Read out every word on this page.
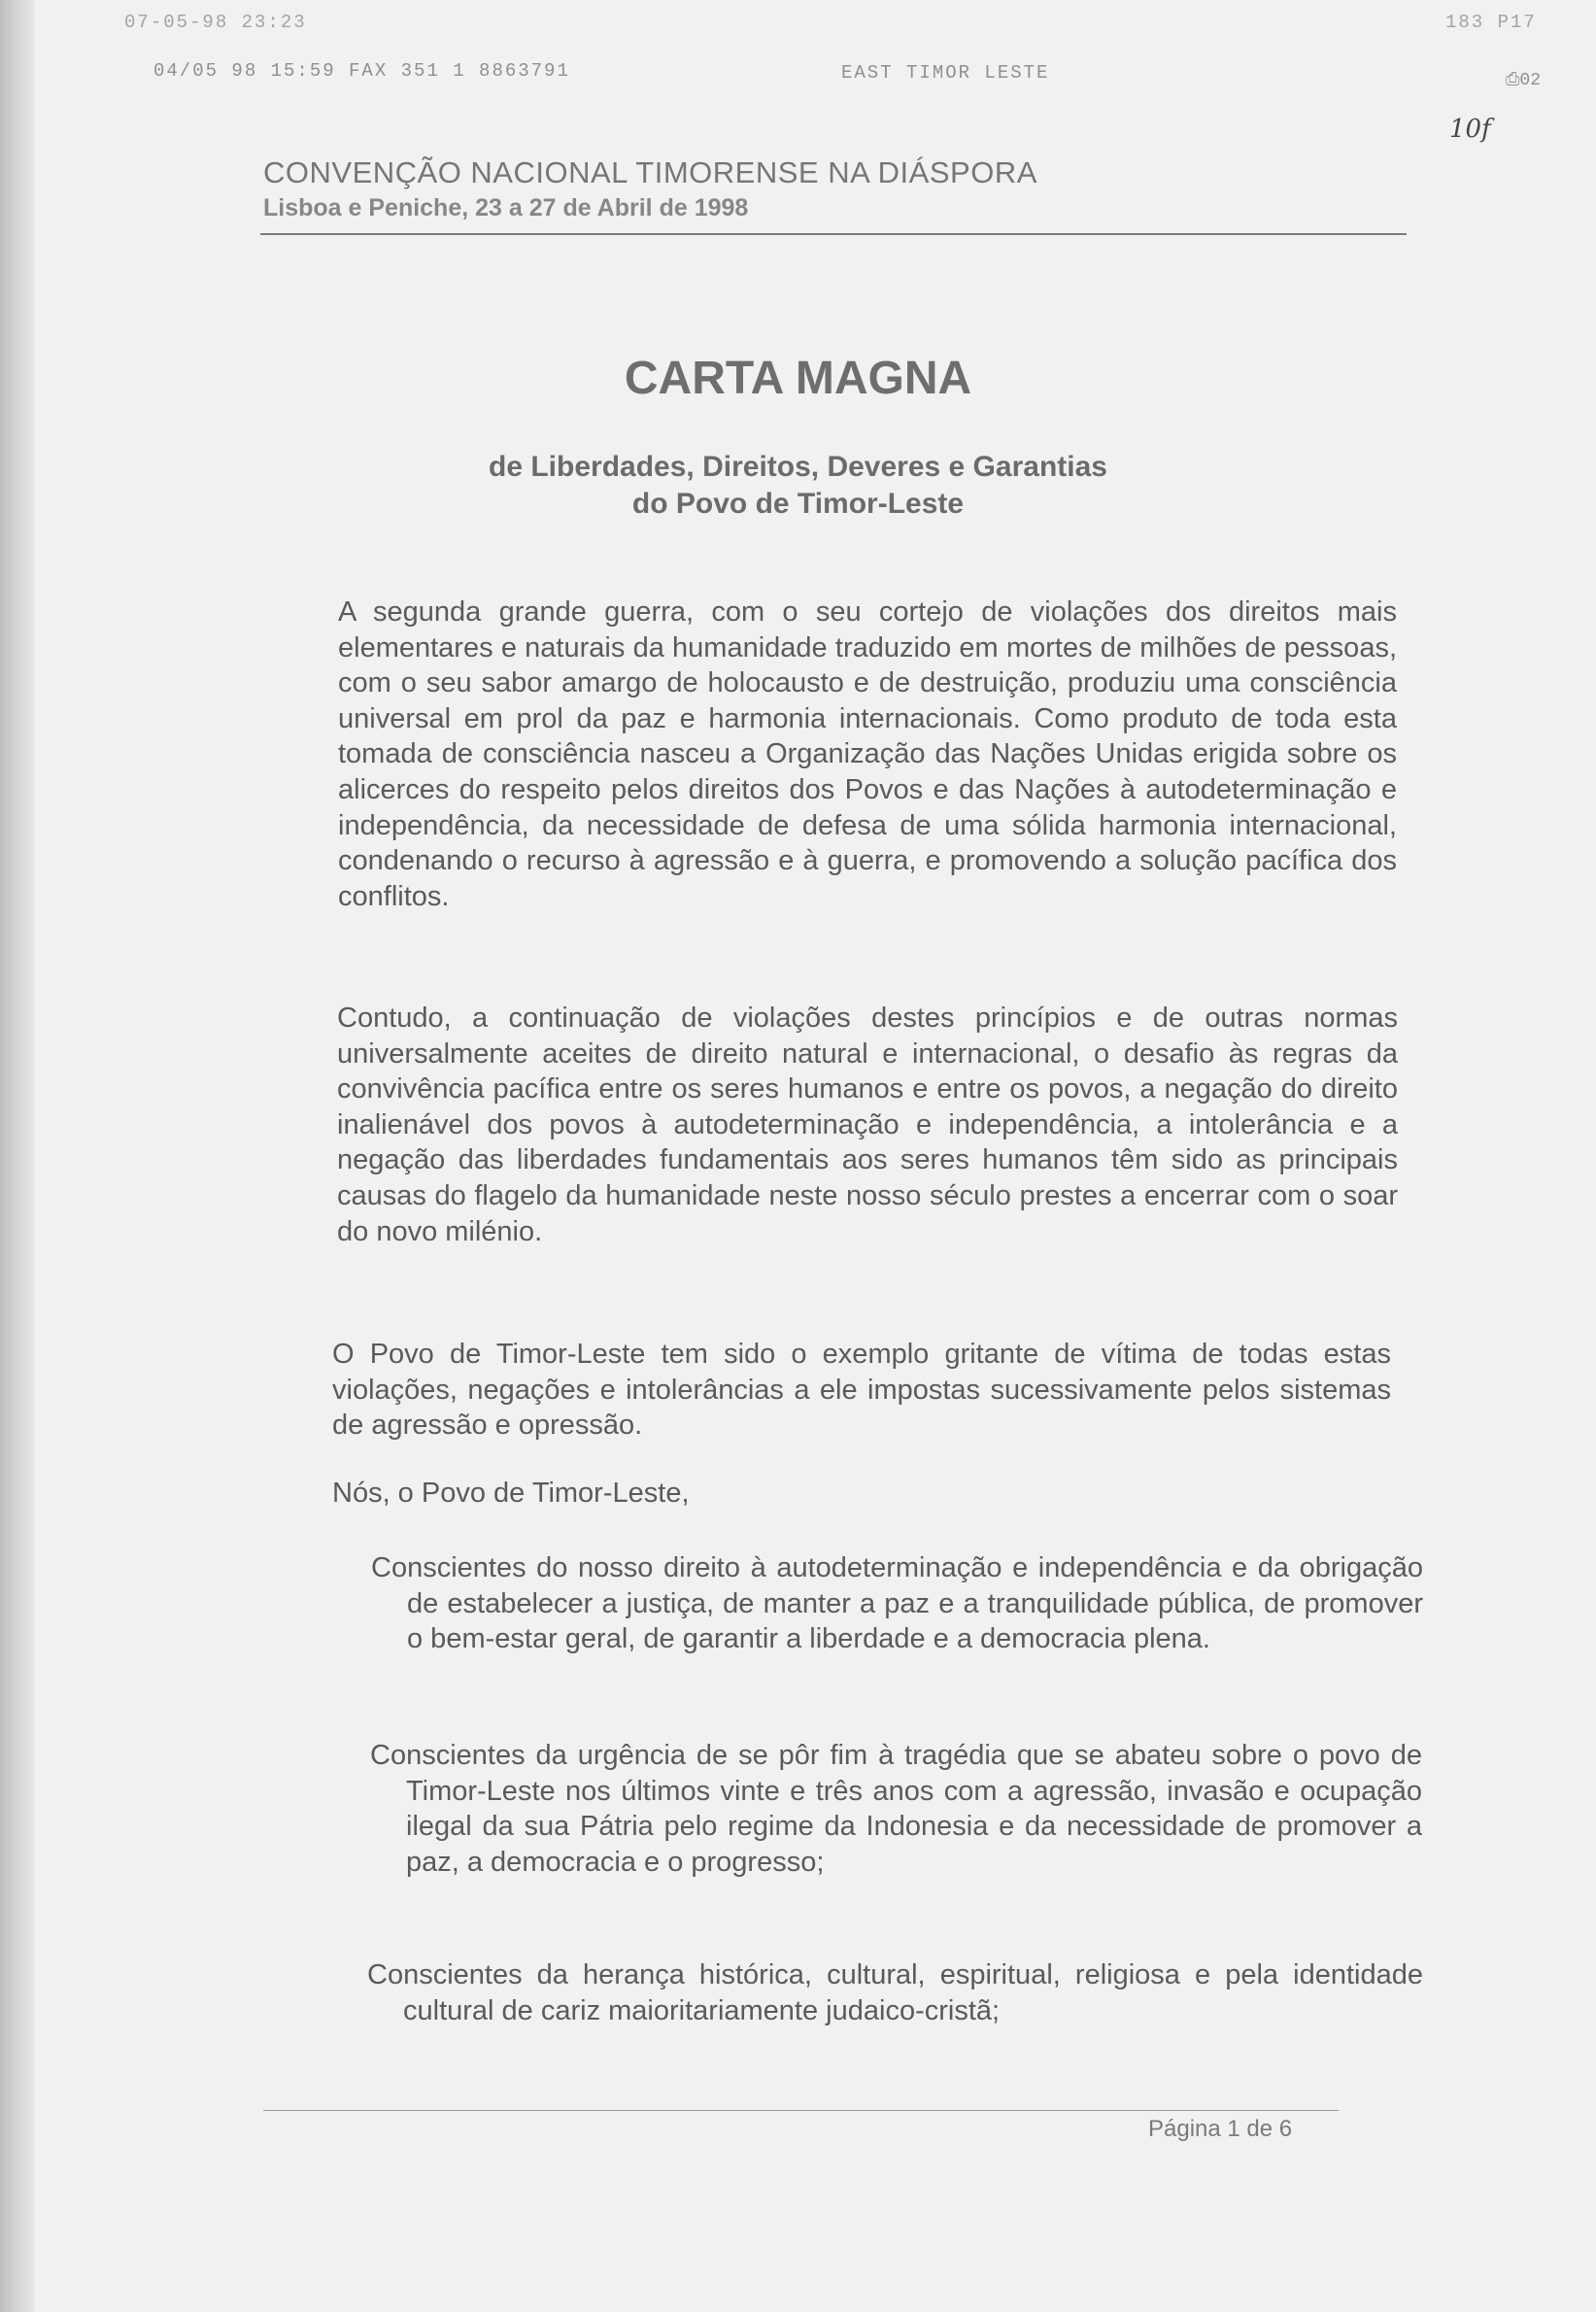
07-05-98 23:23	183 P17

04/05 98 15:59 FAX 351 1 8863791	EAST TIMOR LESTE	⎙02

10f

CONVENÇÃO NACIONAL TIMORENSE NA DIÁSPORA

Lisboa e Peniche, 23 a 27 de Abril de 1998

CARTA MAGNA
de Liberdades, Direitos, Deveres e Garantias
do Povo de Timor-Leste

A segunda grande guerra, com o seu cortejo de violações dos direitos mais elementares e naturais da humanidade traduzido em mortes de milhões de pessoas, com o seu sabor amargo de holocausto e de destruição, produziu uma consciência universal em prol da paz e harmonia internacionais. Como produto de toda esta tomada de consciência nasceu a Organização das Nações Unidas erigida sobre os alicerces do respeito pelos direitos dos Povos e das Nações à autodeterminação e independência, da necessidade de defesa de uma sólida harmonia internacional, condenando o recurso à agressão e à guerra, e promovendo a solução pacífica dos conflitos.

Contudo, a continuação de violações destes princípios e de outras normas universalmente aceites de direito natural e internacional, o desafio às regras da convivência pacífica entre os seres humanos e entre os povos, a negação do direito inalienável dos povos à autodeterminação e independência, a intolerância e a negação das liberdades fundamentais aos seres humanos têm sido as principais causas do flagelo da humanidade neste nosso século prestes a encerrar com o soar do novo milénio.

O Povo de Timor-Leste tem sido o exemplo gritante de vítima de todas estas violações, negações e intolerâncias a ele impostas sucessivamente pelos sistemas de agressão e opressão.

Nós, o Povo de Timor-Leste,

Conscientes do nosso direito à autodeterminação e independência e da obrigação de estabelecer a justiça, de manter a paz e a tranquilidade pública, de promover o bem-estar geral, de garantir a liberdade e a democracia plena.

Conscientes da urgência de se pôr fim à tragédia que se abateu sobre o povo de Timor-Leste nos últimos vinte e três anos com a agressão, invasão e ocupação ilegal da sua Pátria pelo regime da Indonesia e da necessidade de promover a paz, a democracia e o progresso;

Conscientes da herança histórica, cultural, espiritual, religiosa e pela identidade cultural de cariz maioritariamente judaico-cristã;

Página 1 de 6
